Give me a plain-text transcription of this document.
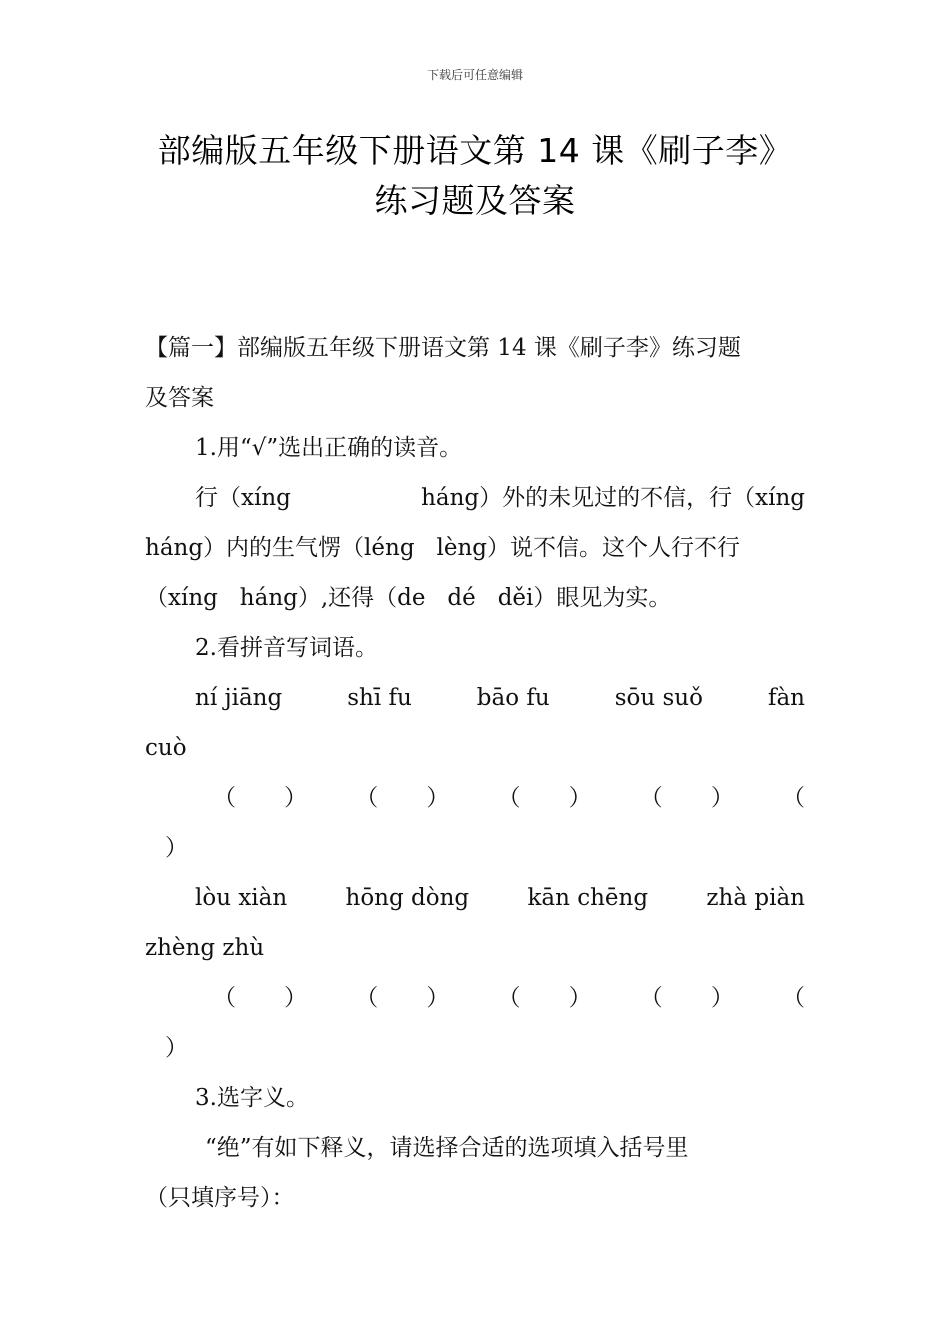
下载后可任意编辑
部编版五年级下册语文第 14 课《刷子李》
练习题及答案
【篇一】部编版五年级下册语文第 14 课《刷子李》练习题
及答案
1.用“√”选出正确的读音。
行（xíng	háng）外的未见过的不信，行（xíng
háng）内的生气愣（léng   lèng）说不信。这个人行不行
（xíng   háng）,还得（de   dé   děi）眼见为实。
2.看拼音写词语。
ní jiāng	shī fu	bāo fu	sōu suǒ	fàn
cuò
（ ） （ ） （ ） （ ） （
）
lòu xiàn	hōng dòng	kān chēng	zhà piàn
zhèng zhù
（ ） （ ） （ ） （ ） （
）
3.选字义。
“绝”有如下释义，请选择合适的选项填入括号里
（只填序号）：
